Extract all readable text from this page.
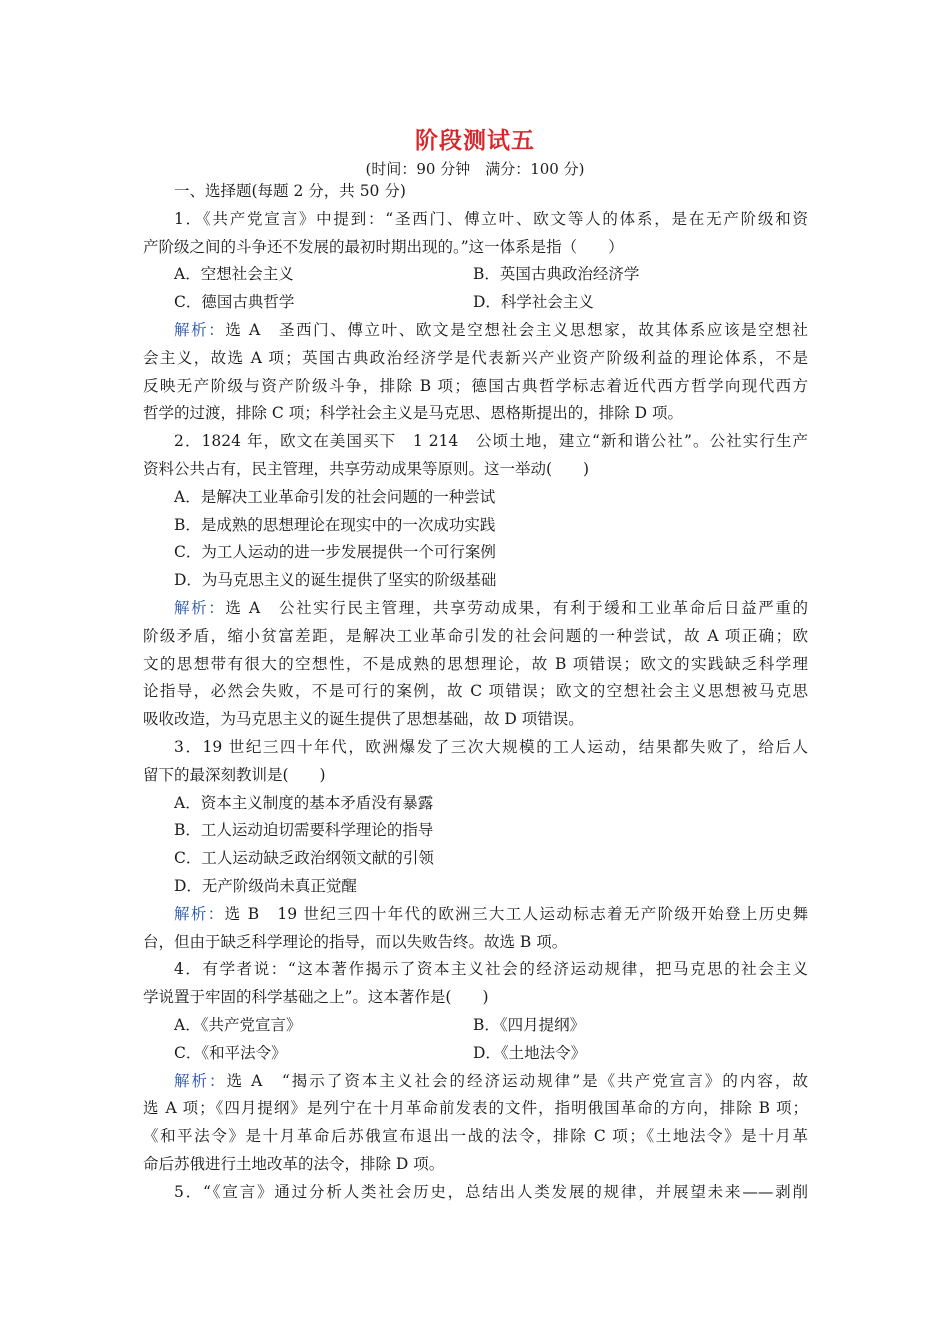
阶段测试五
(时间：90 分钟　满分：100 分)
一、选择题(每题 2 分，共 50 分)
1．《共产党宣言》中提到：“圣西门、傅立叶、欧文等人的体系，是在无产阶级和资
产阶级之间的斗争还不发展的最初时期出现的。”这一体系是指（　　）
A．空想社会主义	B．英国古典政治经济学
C．德国古典哲学	D．科学社会主义
解析：选 A　圣西门、傅立叶、欧文是空想社会主义思想家，故其体系应该是空想社
会主义，故选 A 项；英国古典政治经济学是代表新兴产业资产阶级利益的理论体系，不是
反映无产阶级与资产阶级斗争，排除 B 项；德国古典哲学标志着近代西方哲学向现代西方
哲学的过渡，排除 C 项；科学社会主义是马克思、恩格斯提出的，排除 D 项。
2．1824 年，欧文在美国买下　1 214　公顷土地，建立“新和谐公社”。公社实行生产
资料公共占有，民主管理，共享劳动成果等原则。这一举动(　　)
A．是解决工业革命引发的社会问题的一种尝试
B．是成熟的思想理论在现实中的一次成功实践
C．为工人运动的进一步发展提供一个可行案例
D．为马克思主义的诞生提供了坚实的阶级基础
解析：选 A　公社实行民主管理，共享劳动成果，有利于缓和工业革命后日益严重的
阶级矛盾，缩小贫富差距，是解决工业革命引发的社会问题的一种尝试，故 A 项正确；欧
文的思想带有很大的空想性，不是成熟的思想理论，故 B 项错误；欧文的实践缺乏科学理
论指导，必然会失败，不是可行的案例，故 C 项错误；欧文的空想社会主义思想被马克思
吸收改造，为马克思主义的诞生提供了思想基础，故 D 项错误。
3．19 世纪三四十年代，欧洲爆发了三次大规模的工人运动，结果都失败了，给后人
留下的最深刻教训是(　　)
A．资本主义制度的基本矛盾没有暴露
B．工人运动迫切需要科学理论的指导
C．工人运动缺乏政治纲领文献的引领
D．无产阶级尚未真正觉醒
解析：选 B　19 世纪三四十年代的欧洲三大工人运动标志着无产阶级开始登上历史舞
台，但由于缺乏科学理论的指导，而以失败告终。故选 B 项。
4．有学者说：“这本著作揭示了资本主义社会的经济运动规律，把马克思的社会主义
学说置于牢固的科学基础之上”。这本著作是(　　)
A．《共产党宣言》	B．《四月提纲》
C．《和平法令》	D．《土地法令》
解析：选 A　“揭示了资本主义社会的经济运动规律”是《共产党宣言》的内容，故
选 A 项；《四月提纲》是列宁在十月革命前发表的文件，指明俄国革命的方向，排除 B 项；
《和平法令》是十月革命后苏俄宣布退出一战的法令，排除 C 项；《土地法令》是十月革
命后苏俄进行土地改革的法令，排除 D 项。
5．“《宣言》通过分析人类社会历史，总结出人类发展的规律，并展望未来——剥削
